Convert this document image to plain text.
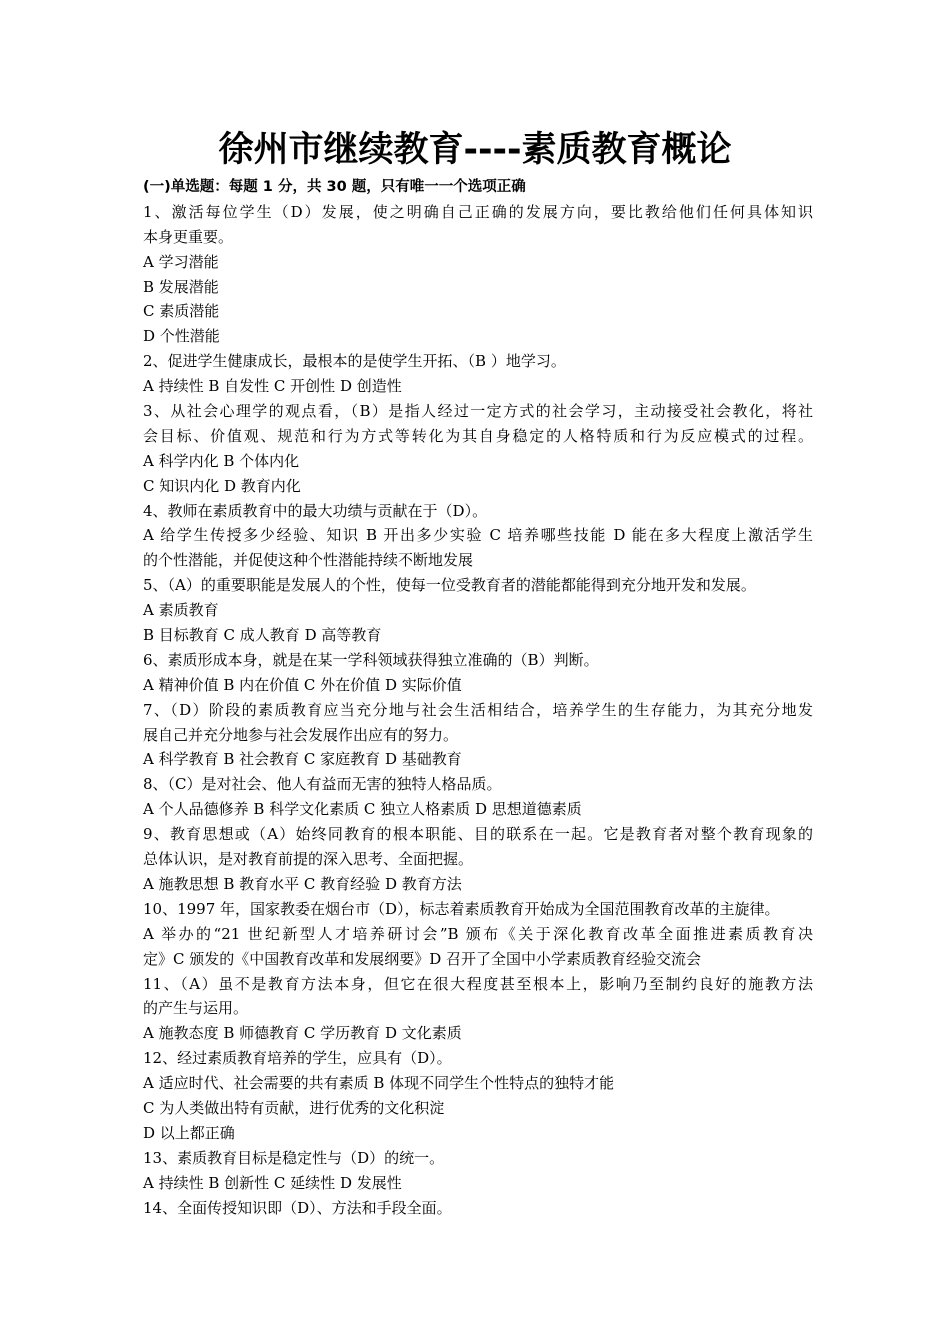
徐州市继续教育----素质教育概论
(一)单选题：每题 1 分，共 30 题，只有唯一一个选项正确
1、激活每位学生（D）发展，使之明确自己正确的发展方向，要比教给他们任何具体知识
本身更重要。
A 学习潜能
B 发展潜能
C 素质潜能
D 个性潜能
2、促进学生健康成长，最根本的是使学生开拓、（B ）地学习。
A 持续性 B 自发性 C 开创性 D 创造性
3、从社会心理学的观点看，（B）是指人经过一定方式的社会学习，主动接受社会教化，将社
会目标、价值观、规范和行为方式等转化为其自身稳定的人格特质和行为反应模式的过程。
A 科学内化 B 个体内化
C 知识内化 D 教育内化
4、教师在素质教育中的最大功绩与贡献在于（D）。
A 给学生传授多少经验、知识 B 开出多少实验 C 培养哪些技能 D 能在多大程度上激活学生
的个性潜能，并促使这种个性潜能持续不断地发展
5、（A）的重要职能是发展人的个性，使每一位受教育者的潜能都能得到充分地开发和发展。
A 素质教育
B 目标教育 C 成人教育 D 高等教育
6、素质形成本身，就是在某一学科领域获得独立准确的（B）判断。
A 精神价值 B 内在价值 C 外在价值 D 实际价值
7、（D）阶段的素质教育应当充分地与社会生活相结合，培养学生的生存能力，为其充分地发
展自己并充分地参与社会发展作出应有的努力。
A 科学教育 B 社会教育 C 家庭教育 D 基础教育
8、（C）是对社会、他人有益而无害的独特人格品质。
A 个人品德修养 B 科学文化素质 C 独立人格素质 D 思想道德素质
9、教育思想或（A）始终同教育的根本职能、目的联系在一起。它是教育者对整个教育现象的
总体认识，是对教育前提的深入思考、全面把握。
A 施教思想 B 教育水平 C 教育经验 D 教育方法
10、1997 年，国家教委在烟台市（D），标志着素质教育开始成为全国范围教育改革的主旋律。
A 举办的“21 世纪新型人才培养研讨会”B 颁布《关于深化教育改革全面推进素质教育决
定》C 颁发的《中国教育改革和发展纲要》D 召开了全国中小学素质教育经验交流会
11、（A）虽不是教育方法本身，但它在很大程度甚至根本上，影响乃至制约良好的施教方法
的产生与运用。
A 施教态度 B 师德教育 C 学历教育 D 文化素质
12、经过素质教育培养的学生，应具有（D）。
A 适应时代、社会需要的共有素质 B 体现不同学生个性特点的独特才能
C 为人类做出特有贡献，进行优秀的文化积淀
D 以上都正确
13、素质教育目标是稳定性与（D）的统一。
A 持续性 B 创新性 C 延续性 D 发展性
14、全面传授知识即（D）、方法和手段全面。
